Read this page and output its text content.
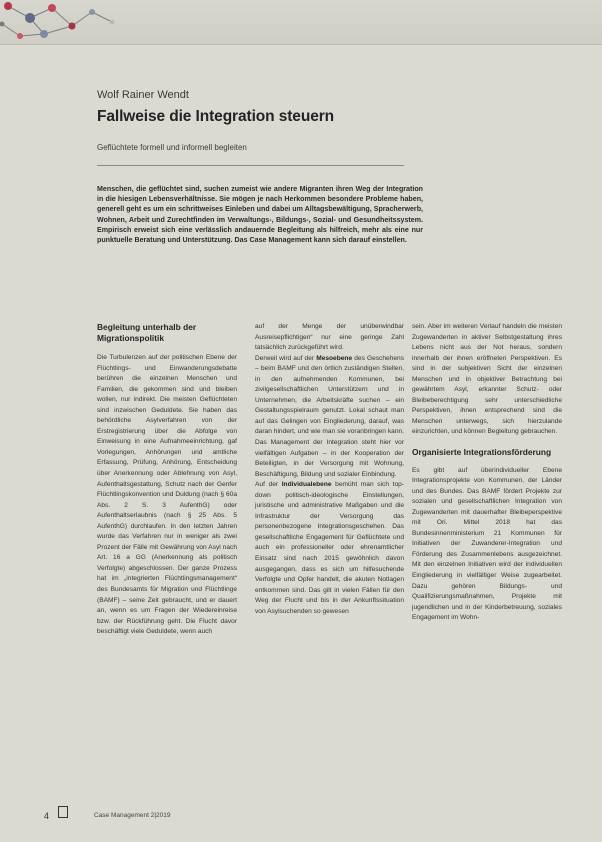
Wolf Rainer Wendt
Fallweise die Integration steuern
Geflüchtete formell und informell begleiten
Menschen, die geflüchtet sind, suchen zumeist wie andere Migranten ihren Weg der Integration in die hiesigen Lebensverhältnisse. Sie mögen je nach Herkommen besondere Probleme haben, generell geht es um ein schrittweises Einleben und dabei um Alltagsbewältigung, Spracherwerb, Wohnen, Arbeit und Zurechtfinden im Verwaltungs-, Bildungs-, Sozial- und Gesundheitssystem. Empirisch erweist sich eine verlässlich andauernde Begleitung als hilfreich, mehr als eine nur punktuelle Beratung und Unterstützung. Das Case Management kann sich darauf einstellen.
Begleitung unterhalb der Migrationspolitik

Die Turbulenzen auf der politischen Ebene der Flüchtlings- und Einwanderungsdebatte berühren die einzelnen Menschen und Familien, die gekommen sind und bleiben wollen, nur indirekt. Die meisten Geflüchteten sind inzwischen Geduldete. Sie haben das behördliche Asylverfahren von der Erstregistrierung über die Abfolge von Einweisung in eine Aufnahmeeinrichtung, gaf Vorlegungen, Anhörungen und amtliche Erfassung, Prüfung, Anhörung, Entscheidung über Anerkennung oder Ablehnung von Asyl, Aufenthaltsgestattung, Schutz nach der Genfer Flüchtlingskonvention und Duldung (nach § 60a Abs. 2 S. 3 AufenthG) oder Aufenthaltserlaubnis (nach § 25 Abs. 5 AufenthG) durchlaufen. In den letzten Jahren wurde das Verfahren nur in weniger als zwei Prozent der Fälle mit Gewährung von Asyl nach Art. 16 a GG (Anerkennung als politisch Verfolgte) abgeschlossen. Der ganze Prozess hat im „integrierten Flüchtlingsmanagement“ des Bundesamts für Migration und Flüchtlinge (BAMF) – seine Zeit gebraucht, und er dauert an, wenn es um Fragen der Wiedereinreise bzw. der Rückführung geht. Die Flucht davor beschäftigt viele Geduldete, wenn auch

auf der Menge der unüberwindbar Ausreisepflichtigen“ nur eine geringe Zahl tatsächlich zurückgeführt wird.

Derweil wird auf der Mesoebene des Geschehens – beim BAMF und den örtlich zuständigen Stellen, in den aufnehmenden Kommunen, bei zivilgesellschaftlichen Unterstützern und in Unternehmen, die Arbeitskräfte suchen – ein Gestaltungsspielraum genutzt. Lokal schaut man auf das Gelingen von Eingliederung, darauf, was daran hindert, und wie man sie voranbringen kann. Das Management der Integration steht hier vor vielfältigen Aufgaben – in der Kooperation der Beteiligten, in der Versorgung mit Wohnung, Beschäftigung, Bildung und sozialer Einbindung.

Auf der Individualebene bemüht man sich top-down politisch-ideologische Einstellungen, juristische und administrative Maßgaben und die Infrastruktur der Versorgung das personenbezogene Integrationsgeschehen. Das gesellschaftliche Engagement für Geflüchtete und auch ein professioneller oder ehrenamtlicher Einsatz sind nach 2015 gewöhnlich davon ausgegangen, dass es sich um hilfesuchende Verfolgte und Opfer handelt, die akuten Notlagen entkommen sind. Das gilt in vielen Fällen für den Weg der Flucht und bis in der Ankunftssituation von Asylsuchenden so gewesen

sein. Aber im weiteren Verlauf handeln die meisten Zugewanderten in aktiver Selbstgestaltung ihres Lebens nicht aus der Not heraus, sondern innerhalb der ihnen eröffneten Perspektiven. Es sind in der subjektiven Sicht der einzelnen Menschen und in objektiver Betrachtung bei gewährtem Asyl, erkannter Schutz- oder Bleibeberechtigung sehr unterschiedliche Perspektiven, ihnen entsprechend sind die Menschen unterwegs, sich hierzulande einzurichten, und können Begleitung gebrauchen.

Organisierte Integrationsförderung

Es gibt auf überindividueller Ebene Integrationsprojekte von Kommunen, der Länder und des Bundes. Das BAMF fördert Projekte zur sozialen und gesellschaftlichen Integration von Zugewanderten mit dauerhafter Bleibeperspektive mit Ori. Mittel 2018 hat das Bundesinnenministerium 21 Kommunen für Initiativen der Zuwanderer-Integration und Förderung des Zusammenlebens ausgezeichnet. Mit den einzelnen Initiativen wird der individuellen Eingliederung in vielfältiger Weise zugearbeitet. Dazu gehören Bildungs- und Qualifizierungsmaßnahmen, Projekte mit jugendlichen und in der Kinderbetreuung, soziales Engagement im Wohn-

4	Case Management 2|2019
